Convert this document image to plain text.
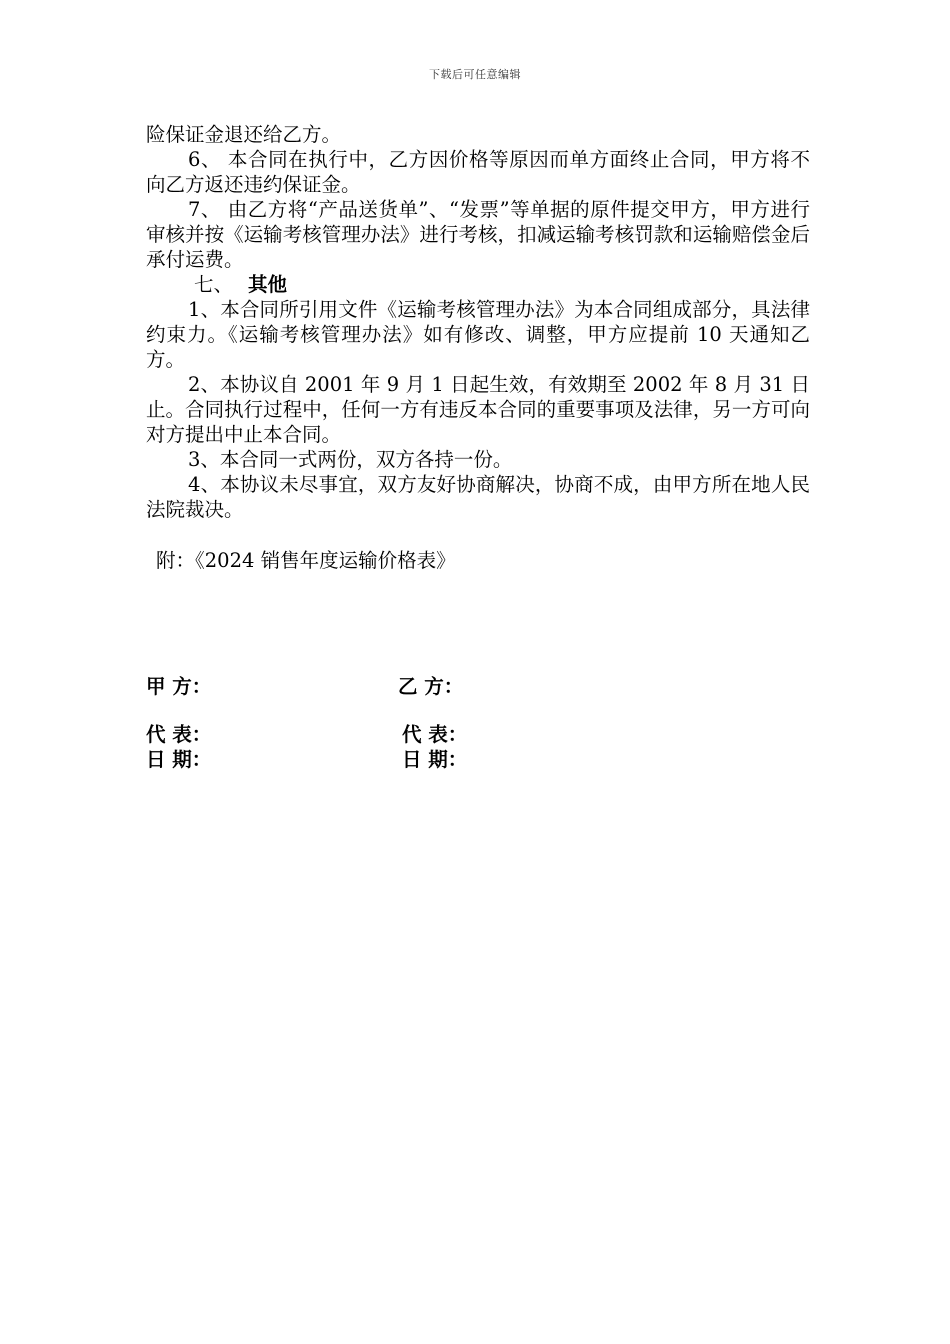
下载后可任意编辑

险保证金退还给乙方。

6、 本合同在执行中，乙方因价格等原因而单方面终止合同，甲方将不向乙方返还违约保证金。

7、 由乙方将“产品送货单”、“发票”等单据的原件提交甲方，甲方进行审核并按《运输考核管理办法》进行考核，扣减运输考核罚款和运输赔偿金后承付运费。

七、 其他

1、本合同所引用文件《运输考核管理办法》为本合同组成部分，具法律约束力。《运输考核管理办法》如有修改、调整，甲方应提前 10 天通知乙方。

2、本协议自 2001 年 9 月 1 日起生效，有效期至 2002 年 8 月 31 日止。合同执行过程中，任何一方有违反本合同的重要事项及法律，另一方可向对方提出中止本合同。

3、本合同一式两份，双方各持一份。

4、本协议未尽事宜，双方友好协商解决，协商不成，由甲方所在地人民法院裁决。

附：《2024 销售年度运输价格表》

甲 方：	乙 方：
代 表：	代 表：
日 期：	日 期：
